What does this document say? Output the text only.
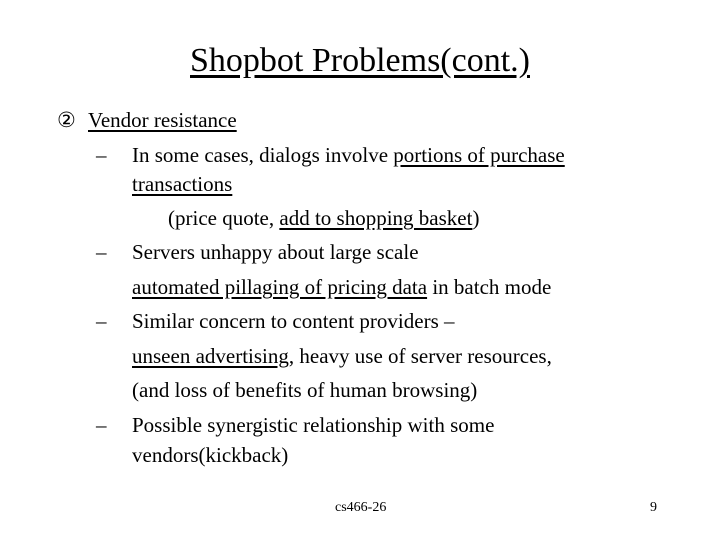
Shopbot Problems(cont.)
② Vendor resistance
– In some cases, dialogs involve portions of purchase
transactions
(price quote, add to shopping basket)
– Servers unhappy about large scale
automated pillaging of pricing data in batch mode
– Similar concern to content providers –
unseen advertising, heavy use of server resources,
(and loss of benefits of human browsing)
– Possible synergistic relationship with some
vendors(kickback)
cs466-26	9
